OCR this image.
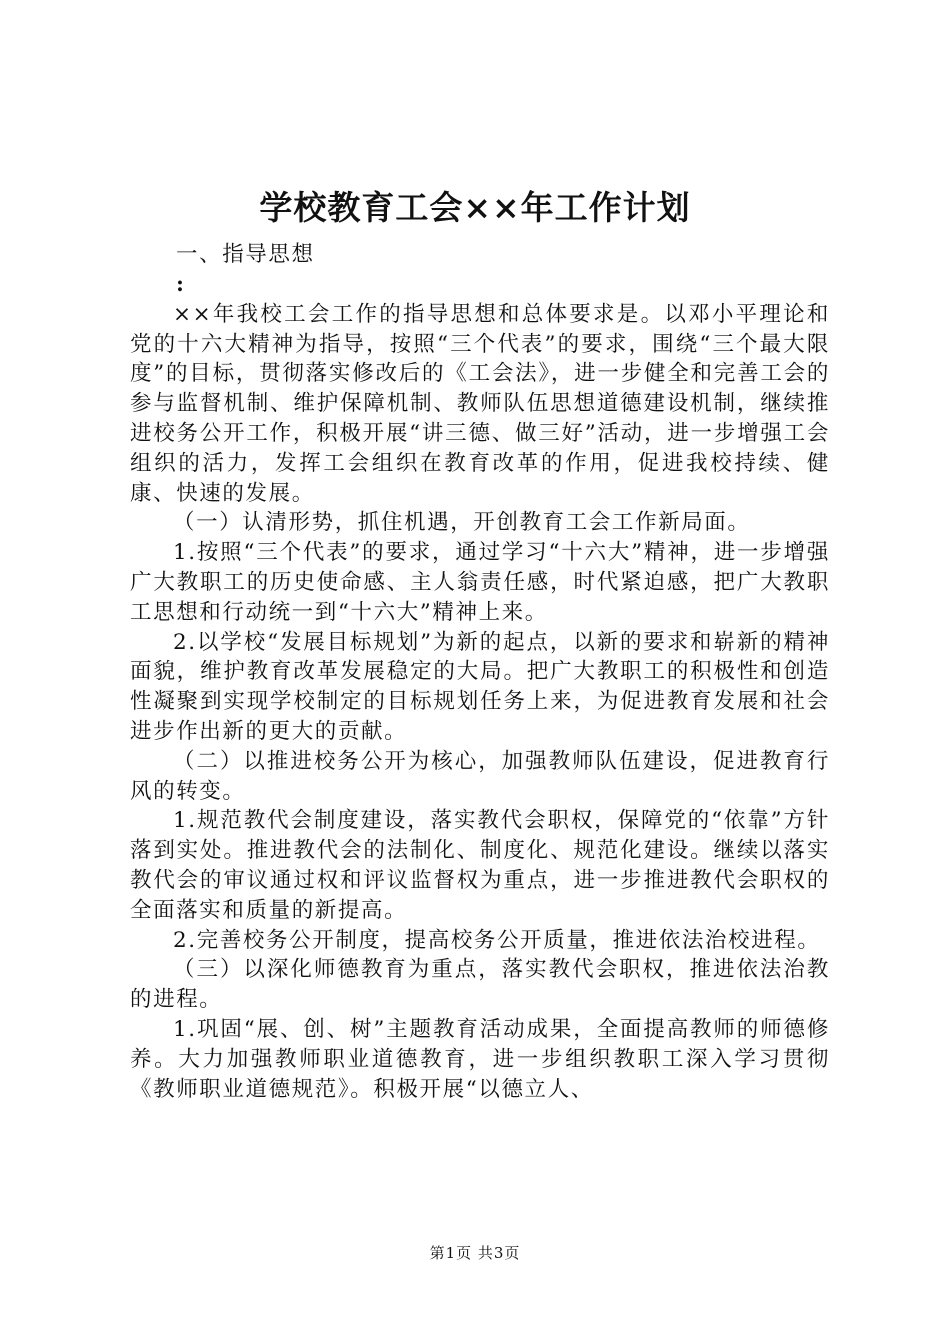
学校教育工会××年工作计划

一、指导思想

:

××年我校工会工作的指导思想和总体要求是。以邓小平理论和党的十六大精神为指导，按照“三个代表”的要求，围绕“三个最大限度”的目标，贯彻落实修改后的《工会法》，进一步健全和完善工会的参与监督机制、维护保障机制、教师队伍思想道德建设机制，继续推进校务公开工作，积极开展“讲三德、做三好”活动，进一步增强工会组织的活力，发挥工会组织在教育改革的作用，促进我校持续、健康、快速的发展。

（一）认清形势，抓住机遇，开创教育工会工作新局面。

1.按照“三个代表”的要求，通过学习“十六大”精神，进一步增强广大教职工的历史使命感、主人翁责任感，时代紧迫感，把广大教职工思想和行动统一到“十六大”精神上来。

2.以学校“发展目标规划”为新的起点，以新的要求和崭新的精神面貌，维护教育改革发展稳定的大局。把广大教职工的积极性和创造性凝聚到实现学校制定的目标规划任务上来，为促进教育发展和社会进步作出新的更大的贡献。

（二）以推进校务公开为核心，加强教师队伍建设，促进教育行风的转变。

1.规范教代会制度建设，落实教代会职权，保障党的“依靠”方针落到实处。推进教代会的法制化、制度化、规范化建设。继续以落实教代会的审议通过权和评议监督权为重点，进一步推进教代会职权的全面落实和质量的新提高。

2.完善校务公开制度，提高校务公开质量，推进依法治校进程。

（三）以深化师德教育为重点，落实教代会职权，推进依法治教的进程。

1.巩固“展、创、树”主题教育活动成果，全面提高教师的师德修养。大力加强教师职业道德教育，进一步组织教职工深入学习贯彻《教师职业道德规范》。积极开展“以德立人、

第1页 共3页
